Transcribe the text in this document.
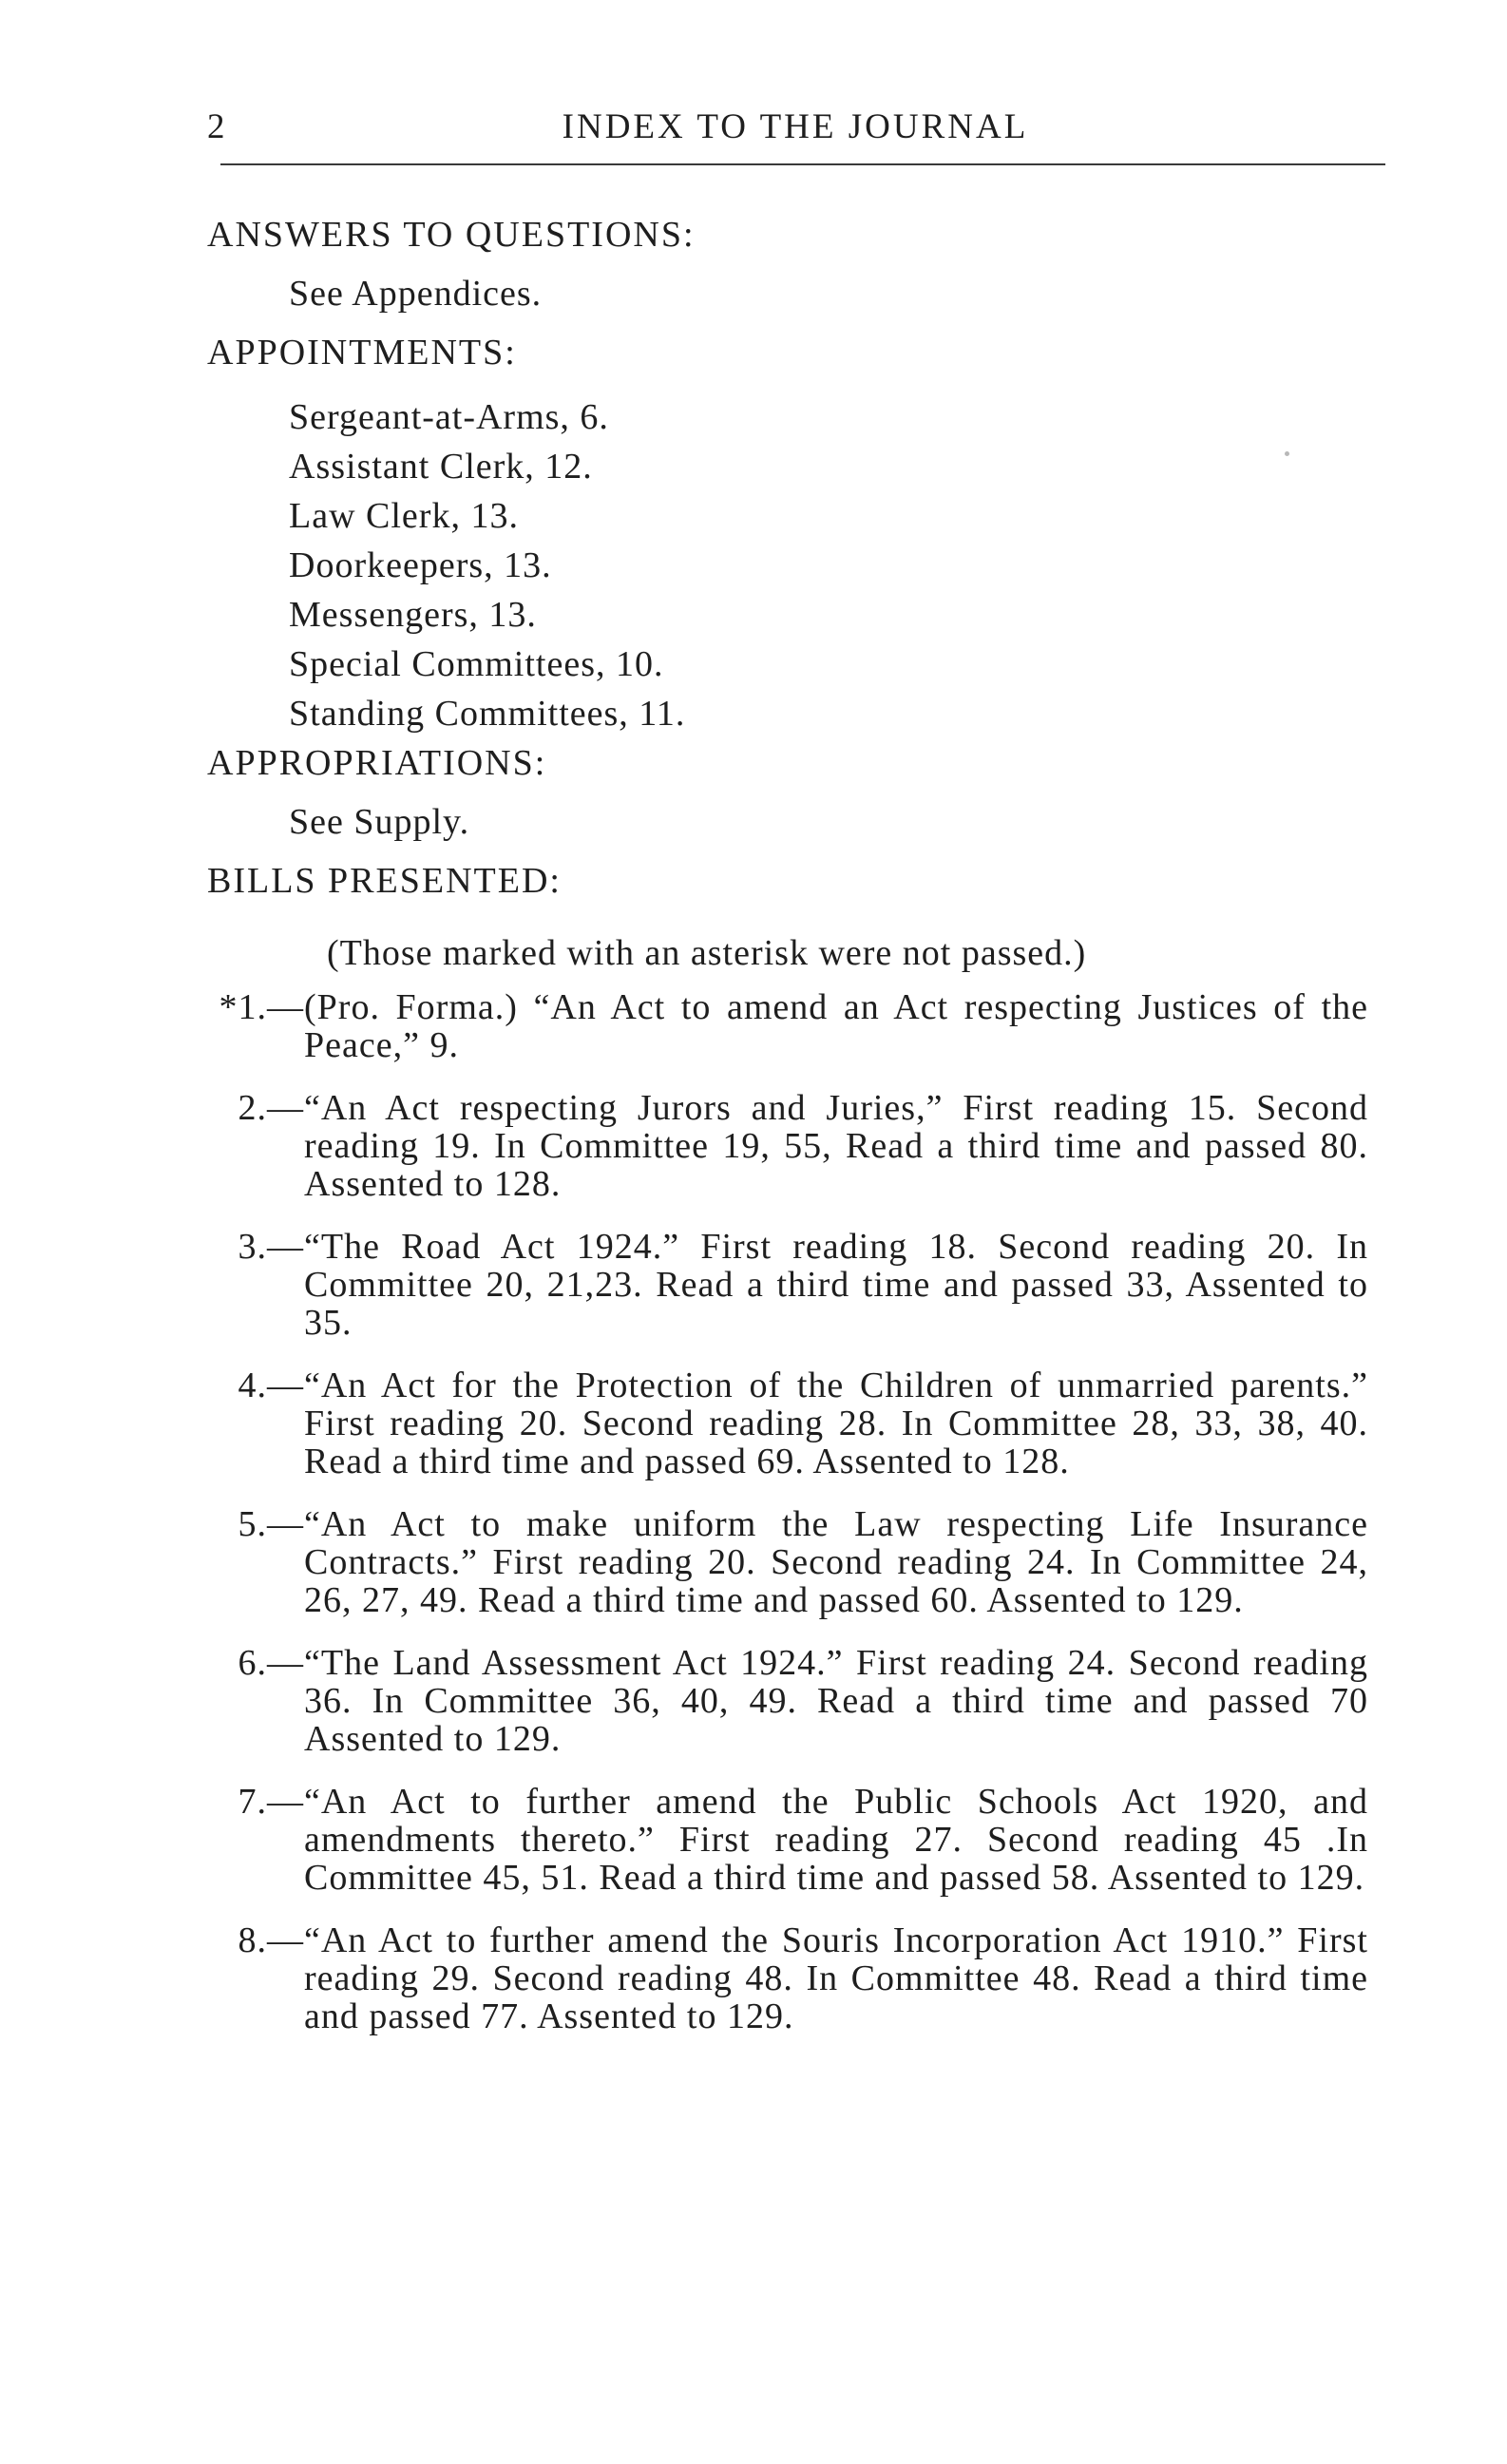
2	INDEX TO THE JOURNAL
ANSWERS TO QUESTIONS:
See Appendices.
APPOINTMENTS:
Sergeant-at-Arms, 6.
Assistant Clerk, 12.
Law Clerk, 13.
Doorkeepers, 13.
Messengers, 13.
Special Committees, 10.
Standing Committees, 11.
APPROPRIATIONS:
See Supply.
BILLS PRESENTED:
(Those marked with an asterisk were not passed.)
*1.— (Pro. Forma.) “An Act to amend an Act respecting Justices of the Peace,” 9.
2.— “An Act respecting Jurors and Juries,” First reading 15. Second reading 19. In Committee 19, 55, Read a third time and passed 80. Assented to 128.
3.— “The Road Act 1924.” First reading 18. Second reading 20. In Committee 20, 21,23. Read a third time and passed 33, Assented to 35.
4.— “An Act for the Protection of the Children of unmarried parents.” First reading 20. Second reading 28. In Committee 28, 33, 38, 40. Read a third time and passed 69. Assented to 128.
5.— “An Act to make uniform the Law respecting Life Insurance Contracts.” First reading 20. Second reading 24. In Committee 24, 26, 27, 49. Read a third time and passed 60. Assented to 129.
6.— “The Land Assessment Act 1924.” First reading 24. Second reading 36. In Committee 36, 40, 49. Read a third time and passed 70 Assented to 129.
7.— “An Act to further amend the Public Schools Act 1920, and amendments thereto.” First reading 27. Second reading 45 .In Committee 45, 51. Read a third time and passed 58. Assented to 129.
8.— “An Act to further amend the Souris Incorporation Act 1910.” First reading 29. Second reading 48. In Committee 48. Read a third time and passed 77. Assented to 129.
